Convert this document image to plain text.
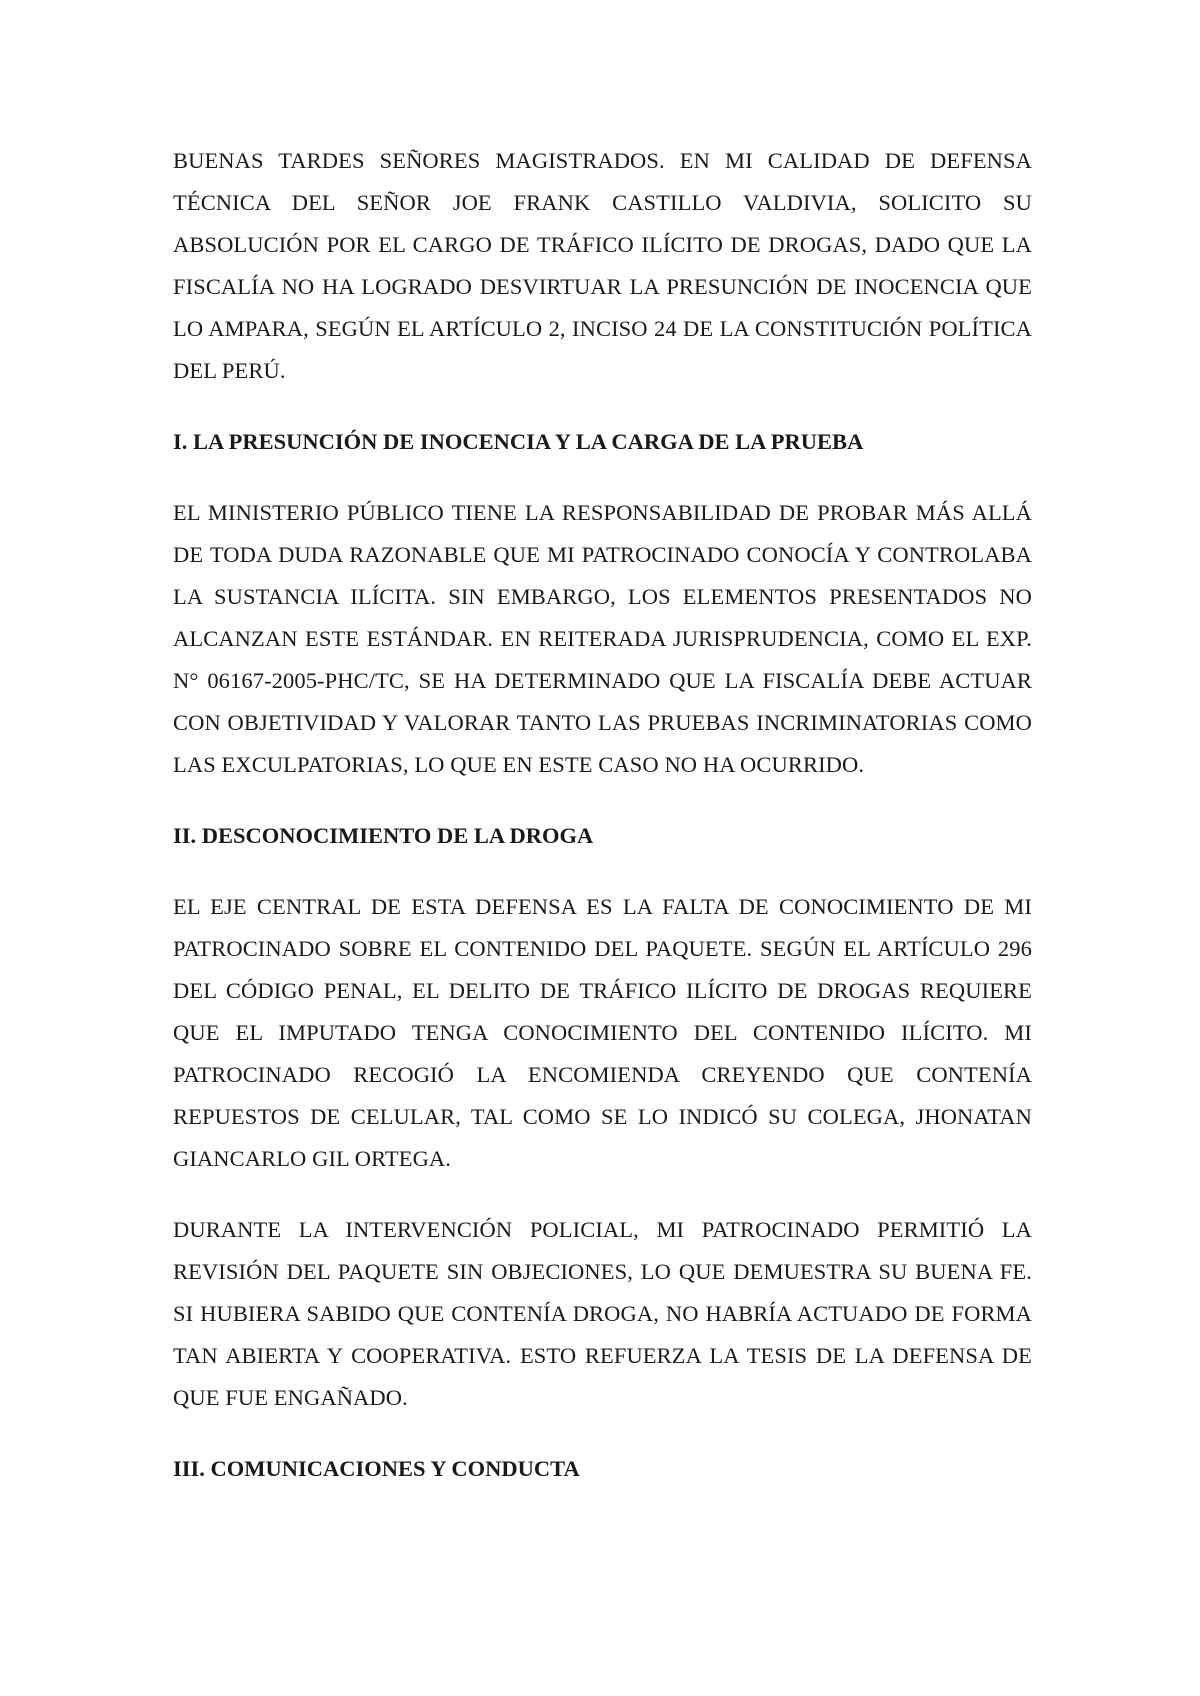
BUENAS TARDES SEÑORES MAGISTRADOS. EN MI CALIDAD DE DEFENSA TÉCNICA DEL SEÑOR JOE FRANK CASTILLO VALDIVIA, SOLICITO SU ABSOLUCIÓN POR EL CARGO DE TRÁFICO ILÍCITO DE DROGAS, DADO QUE LA FISCALÍA NO HA LOGRADO DESVIRTUAR LA PRESUNCIÓN DE INOCENCIA QUE LO AMPARA, SEGÚN EL ARTÍCULO 2, INCISO 24 DE LA CONSTITUCIÓN POLÍTICA DEL PERÚ.

I. LA PRESUNCIÓN DE INOCENCIA Y LA CARGA DE LA PRUEBA

EL MINISTERIO PÚBLICO TIENE LA RESPONSABILIDAD DE PROBAR MÁS ALLÁ DE TODA DUDA RAZONABLE QUE MI PATROCINADO CONOCÍA Y CONTROLABA LA SUSTANCIA ILÍCITA. SIN EMBARGO, LOS ELEMENTOS PRESENTADOS NO ALCANZAN ESTE ESTÁNDAR. EN REITERADA JURISPRUDENCIA, COMO EL EXP. N° 06167-2005-PHC/TC, SE HA DETERMINADO QUE LA FISCALÍA DEBE ACTUAR CON OBJETIVIDAD Y VALORAR TANTO LAS PRUEBAS INCRIMINATORIAS COMO LAS EXCULPATORIAS, LO QUE EN ESTE CASO NO HA OCURRIDO.

II. DESCONOCIMIENTO DE LA DROGA

EL EJE CENTRAL DE ESTA DEFENSA ES LA FALTA DE CONOCIMIENTO DE MI PATROCINADO SOBRE EL CONTENIDO DEL PAQUETE. SEGÚN EL ARTÍCULO 296 DEL CÓDIGO PENAL, EL DELITO DE TRÁFICO ILÍCITO DE DROGAS REQUIERE QUE EL IMPUTADO TENGA CONOCIMIENTO DEL CONTENIDO ILÍCITO. MI PATROCINADO RECOGIÓ LA ENCOMIENDA CREYENDO QUE CONTENÍA REPUESTOS DE CELULAR, TAL COMO SE LO INDICÓ SU COLEGA, JHONATAN GIANCARLO GIL ORTEGA.

DURANTE LA INTERVENCIÓN POLICIAL, MI PATROCINADO PERMITIÓ LA REVISIÓN DEL PAQUETE SIN OBJECIONES, LO QUE DEMUESTRA SU BUENA FE. SI HUBIERA SABIDO QUE CONTENÍA DROGA, NO HABRÍA ACTUADO DE FORMA TAN ABIERTA Y COOPERATIVA. ESTO REFUERZA LA TESIS DE LA DEFENSA DE QUE FUE ENGAÑADO.

III. COMUNICACIONES Y CONDUCTA
